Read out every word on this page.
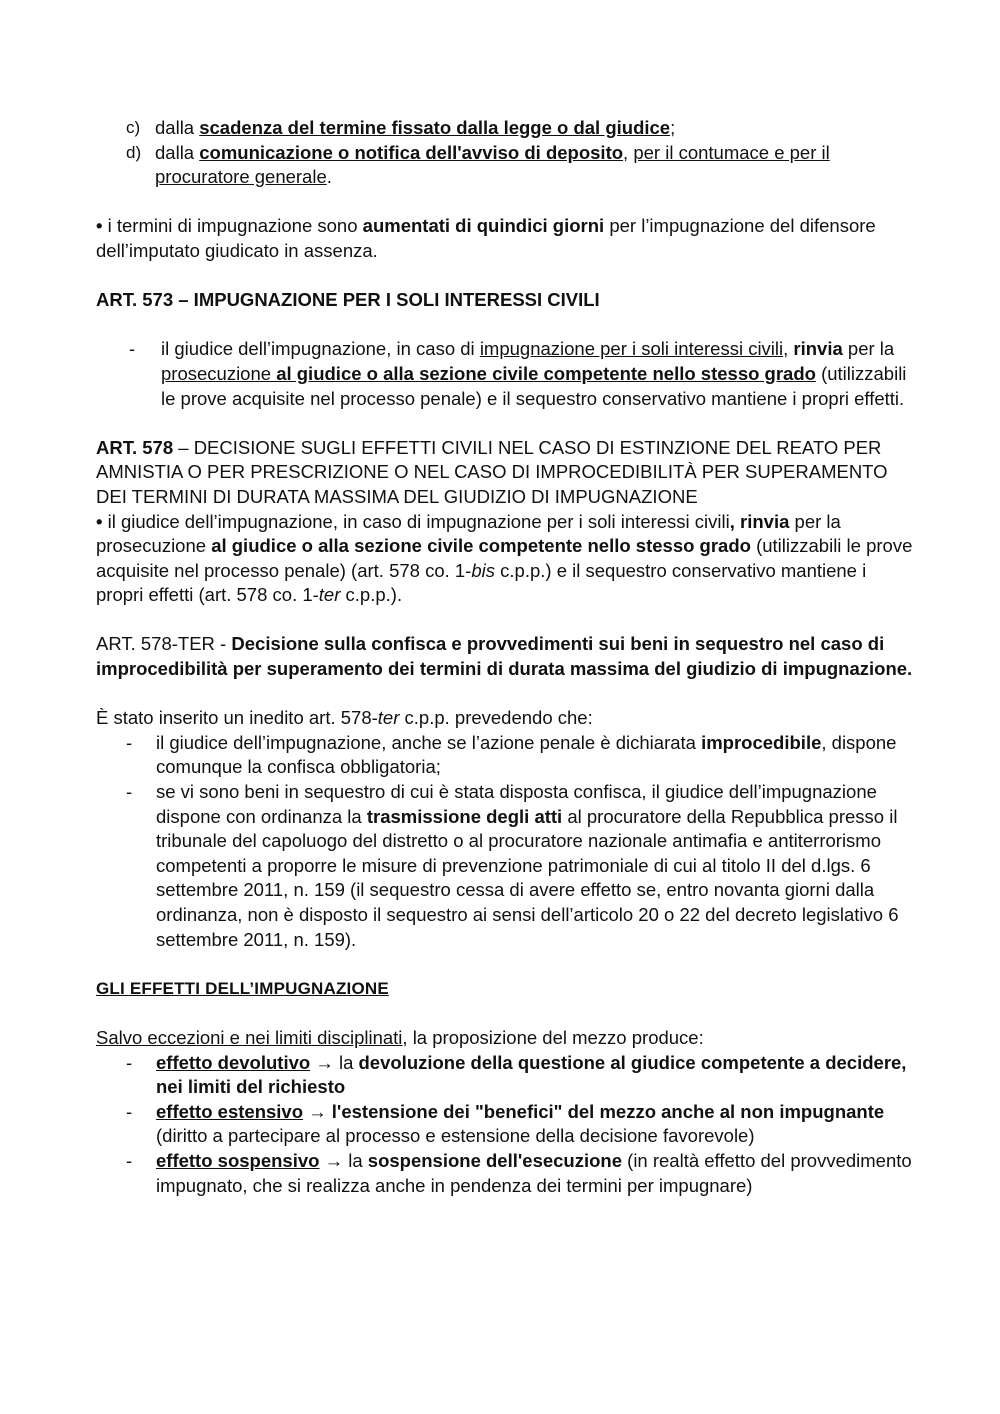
c) dalla scadenza del termine fissato dalla legge o dal giudice;
d) dalla comunicazione o notifica dell'avviso di deposito, per il contumace e per il procuratore generale.
• i termini di impugnazione sono aumentati di quindici giorni per l’impugnazione del difensore dell’imputato giudicato in assenza.
ART. 573 – IMPUGNAZIONE PER I SOLI INTERESSI CIVILI
- il giudice dell’impugnazione, in caso di impugnazione per i soli interessi civili, rinvia per la prosecuzione al giudice o alla sezione civile competente nello stesso grado (utilizzabili le prove acquisite nel processo penale) e il sequestro conservativo mantiene i propri effetti.
ART. 578 – DECISIONE SUGLI EFFETTI CIVILI NEL CASO DI ESTINZIONE DEL REATO PER AMNISTIA O PER PRESCRIZIONE O NEL CASO DI IMPROCEDIBILITÀ PER SUPERAMENTO DEI TERMINI DI DURATA MASSIMA DEL GIUDIZIO DI IMPUGNAZIONE
• il giudice dell’impugnazione, in caso di impugnazione per i soli interessi civili, rinvia per la prosecuzione al giudice o alla sezione civile competente nello stesso grado (utilizzabili le prove acquisite nel processo penale) (art. 578 co. 1-bis c.p.p.) e il sequestro conservativo mantiene i propri effetti (art. 578 co. 1-ter c.p.p.).
ART. 578-TER - Decisione sulla confisca e provvedimenti sui beni in sequestro nel caso di improcedibilità per superamento dei termini di durata massima del giudizio di impugnazione.
È stato inserito un inedito art. 578-ter c.p.p. prevedendo che:
- il giudice dell’impugnazione, anche se l’azione penale è dichiarata improcedibile, dispone comunque la confisca obbligatoria;
- se vi sono beni in sequestro di cui è stata disposta confisca, il giudice dell’impugnazione dispone con ordinanza la trasmissione degli atti al procuratore della Repubblica presso il tribunale del capoluogo del distretto o al procuratore nazionale antimafia e antiterrorismo competenti a proporre le misure di prevenzione patrimoniale di cui al titolo II del d.lgs. 6 settembre 2011, n. 159 (il sequestro cessa di avere effetto se, entro novanta giorni dalla ordinanza, non è disposto il sequestro ai sensi dell’articolo 20 o 22 del decreto legislativo 6 settembre 2011, n. 159).
GLI EFFETTI DELL’IMPUGNAZIONE
Salvo eccezioni e nei limiti disciplinati, la proposizione del mezzo produce:
- effetto devolutivo → la devoluzione della questione al giudice competente a decidere, nei limiti del richiesto
- effetto estensivo → l'estensione dei "benefici" del mezzo anche al non impugnante (diritto a partecipare al processo e estensione della decisione favorevole)
- effetto sospensivo → la sospensione dell'esecuzione (in realtà effetto del provvedimento impugnato, che si realizza anche in pendenza dei termini per impugnare)
